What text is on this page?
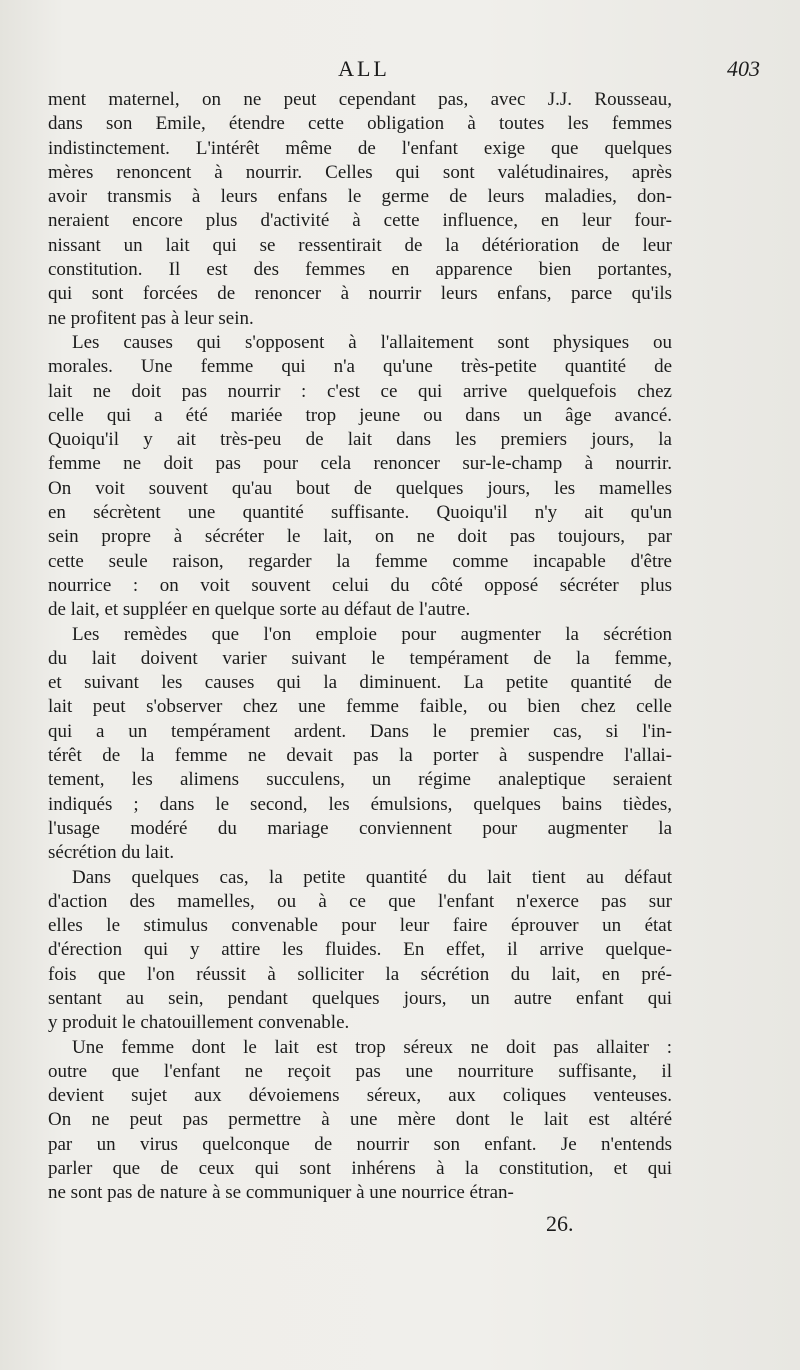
ALL	403
ment maternel, on ne peut cependant pas, avec J.J. Rousseau,
dans son Emile, étendre cette obligation à toutes les femmes
indistinctement. L'intérêt même de l'enfant exige que quelques
mères renoncent à nourrir. Celles qui sont valétudinaires, après
avoir transmis à leurs enfans le germe de leurs maladies, don-
neraient encore plus d'activité à cette influence, en leur four-
nissant un lait qui se ressentirait de la détérioration de leur
constitution. Il est des femmes en apparence bien portantes,
qui sont forcées de renoncer à nourrir leurs enfans, parce qu'ils
ne profitent pas à leur sein.
Les causes qui s'opposent à l'allaitement sont physiques ou
morales. Une femme qui n'a qu'une très-petite quantité de
lait ne doit pas nourrir : c'est ce qui arrive quelquefois chez
celle qui a été mariée trop jeune ou dans un âge avancé.
Quoiqu'il y ait très-peu de lait dans les premiers jours, la
femme ne doit pas pour cela renoncer sur-le-champ à nourrir.
On voit souvent qu'au bout de quelques jours, les mamelles
en sécrètent une quantité suffisante. Quoiqu'il n'y ait qu'un
sein propre à sécréter le lait, on ne doit pas toujours, par
cette seule raison, regarder la femme comme incapable d'être
nourrice : on voit souvent celui du côté opposé sécréter plus
de lait, et suppléer en quelque sorte au défaut de l'autre.
Les remèdes que l'on emploie pour augmenter la sécrétion
du lait doivent varier suivant le tempérament de la femme,
et suivant les causes qui la diminuent. La petite quantité de
lait peut s'observer chez une femme faible, ou bien chez celle
qui a un tempérament ardent. Dans le premier cas, si l'in-
térêt de la femme ne devait pas la porter à suspendre l'allai-
tement, les alimens succulens, un régime analeptique seraient
indiqués ; dans le second, les émulsions, quelques bains tièdes,
l'usage modéré du mariage conviennent pour augmenter la
sécrétion du lait.
Dans quelques cas, la petite quantité du lait tient au défaut
d'action des mamelles, ou à ce que l'enfant n'exerce pas sur
elles le stimulus convenable pour leur faire éprouver un état
d'érection qui y attire les fluides. En effet, il arrive quelque-
fois que l'on réussit à solliciter la sécrétion du lait, en pré-
sentant au sein, pendant quelques jours, un autre enfant qui
y produit le chatouillement convenable.
Une femme dont le lait est trop séreux ne doit pas allaiter :
outre que l'enfant ne reçoit pas une nourriture suffisante, il
devient sujet aux dévoiemens séreux, aux coliques venteuses.
On ne peut pas permettre à une mère dont le lait est altéré
par un virus quelconque de nourrir son enfant. Je n'entends
parler que de ceux qui sont inhérens à la constitution, et qui
ne sont pas de nature à se communiquer à une nourrice étran-
26.
